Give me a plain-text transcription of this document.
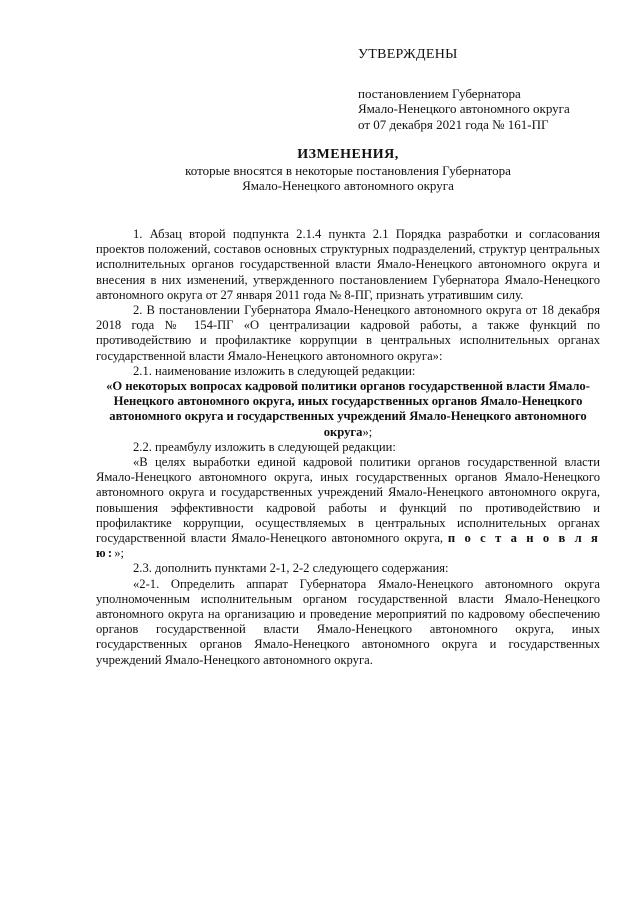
УТВЕРЖДЕНЫ
постановлением Губернатора
Ямало-Ненецкого автономного округа
от 07 декабря 2021 года № 161-ПГ
ИЗМЕНЕНИЯ,
которые вносятся в некоторые постановления Губернатора
Ямало-Ненецкого автономного округа

1. Абзац второй подпункта 2.1.4 пункта 2.1 Порядка разработки и согласования проектов положений, составов основных структурных подразделений, структур центральных исполнительных органов государственной власти Ямало-Ненецкого автономного округа и внесения в них изменений, утвержденного постановлением Губернатора Ямало-Ненецкого автономного округа от 27 января 2011 года № 8-ПГ, признать утратившим силу.

2. В постановлении Губернатора Ямало-Ненецкого автономного округа от 18 декабря 2018 года № 154-ПГ «О централизации кадровой работы, а также функций по противодействию и профилактике коррупции в центральных исполнительных органах государственной власти Ямало-Ненецкого автономного округа»:

2.1. наименование изложить в следующей редакции:

«О некоторых вопросах кадровой политики органов государственной власти Ямало-Ненецкого автономного округа, иных государственных органов Ямало-Ненецкого автономного округа и государственных учреждений Ямало-Ненецкого автономного округа»;

2.2. преамбулу изложить в следующей редакции:

«В целях выработки единой кадровой политики органов государственной власти Ямало-Ненецкого автономного округа, иных государственных органов Ямало-Ненецкого автономного округа и государственных учреждений Ямало-Ненецкого автономного округа, повышения эффективности кадровой работы и функций по противодействию и профилактике коррупции, осуществляемых в центральных исполнительных органах государственной власти Ямало-Ненецкого автономного округа, п о с т а н о в л я ю:»;

2.3. дополнить пунктами 2-1, 2-2 следующего содержания:

«2-1. Определить аппарат Губернатора Ямало-Ненецкого автономного округа уполномоченным исполнительным органом государственной власти Ямало-Ненецкого автономного округа на организацию и проведение мероприятий по кадровому обеспечению органов государственной власти Ямало-Ненецкого автономного округа, иных государственных органов Ямало-Ненецкого автономного округа и государственных учреждений Ямало-Ненецкого автономного округа.
